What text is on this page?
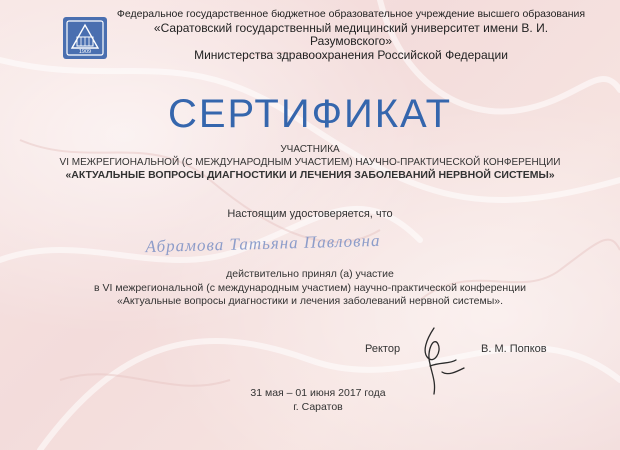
1909
Федеральное государственное бюджетное образовательное учреждение высшего образования
«Саратовский государственный медицинский университет имени В. И. Разумовского»
Министерства здравоохранения Российской Федерации
СЕРТИФИКАТ
УЧАСТНИКА
VI МЕЖРЕГИОНАЛЬНОЙ (С МЕЖДУНАРОДНЫМ УЧАСТИЕМ) НАУЧНО-ПРАКТИЧЕСКОЙ КОНФЕРЕНЦИИ
«АКТУАЛЬНЫЕ ВОПРОСЫ ДИАГНОСТИКИ И ЛЕЧЕНИЯ ЗАБОЛЕВАНИЙ НЕРВНОЙ СИСТЕМЫ»
Настоящим удостоверяется, что
Абрамова Татьяна Павловна
действительно принял (а) участие
в VI межрегиональной (с международным участием) научно-практической конференции
«Актуальные вопросы диагностики и лечения заболеваний нервной системы».
Ректор	В. М. Попков
31 мая – 01 июня 2017 года
г. Саратов
